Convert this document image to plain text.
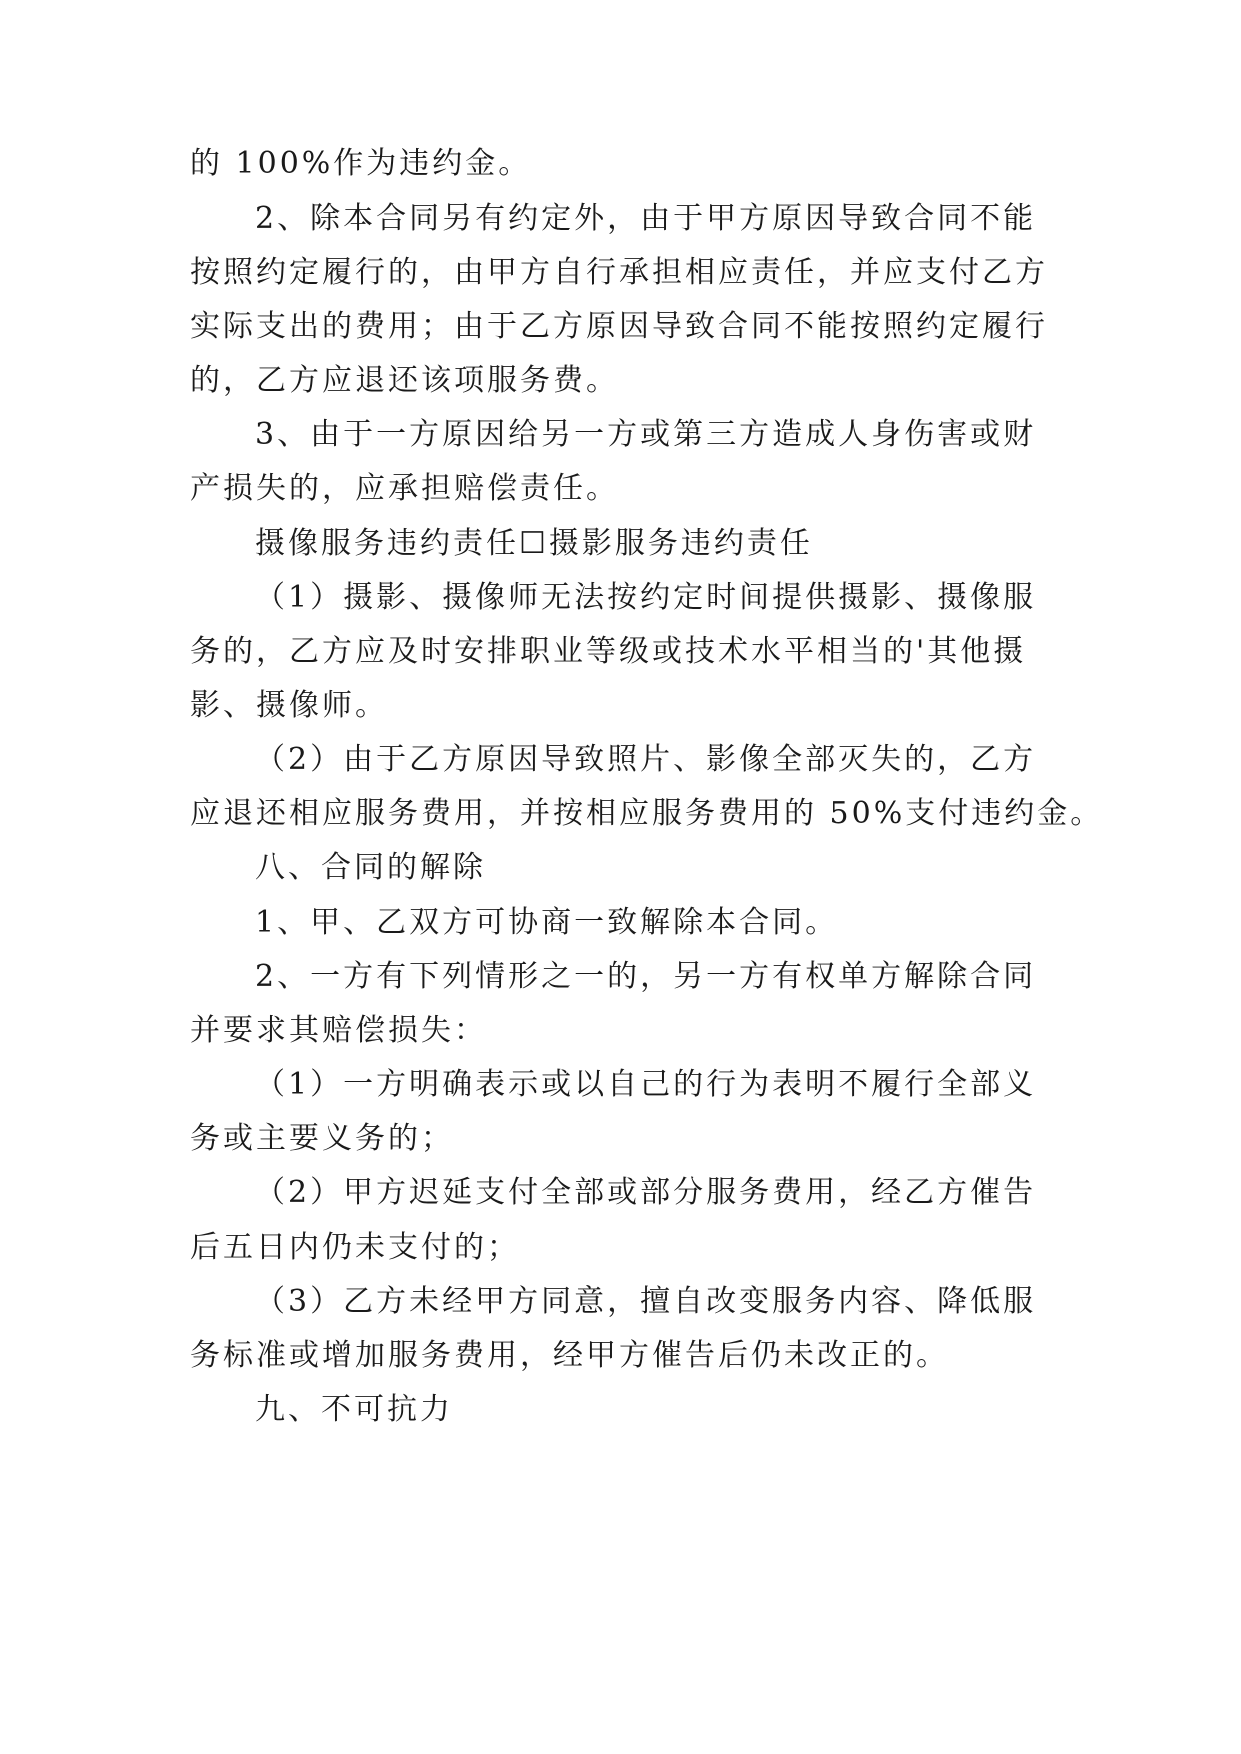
的 100%作为违约金。
2、除本合同另有约定外，由于甲方原因导致合同不能
按照约定履行的，由甲方自行承担相应责任，并应支付乙方
实际支出的费用；由于乙方原因导致合同不能按照约定履行
的，乙方应退还该项服务费。
3、由于一方原因给另一方或第三方造成人身伤害或财
产损失的，应承担赔偿责任。
摄像服务违约责任☐摄影服务违约责任
（1）摄影、摄像师无法按约定时间提供摄影、摄像服
务的，乙方应及时安排职业等级或技术水平相当的'其他摄
影、摄像师。
（2）由于乙方原因导致照片、影像全部灭失的，乙方
应退还相应服务费用，并按相应服务费用的 50%支付违约金。
八、合同的解除
1、甲、乙双方可协商一致解除本合同。
2、一方有下列情形之一的，另一方有权单方解除合同
并要求其赔偿损失：
（1）一方明确表示或以自己的行为表明不履行全部义
务或主要义务的；
（2）甲方迟延支付全部或部分服务费用，经乙方催告
后五日内仍未支付的；
（3）乙方未经甲方同意，擅自改变服务内容、降低服
务标准或增加服务费用，经甲方催告后仍未改正的。
九、不可抗力
